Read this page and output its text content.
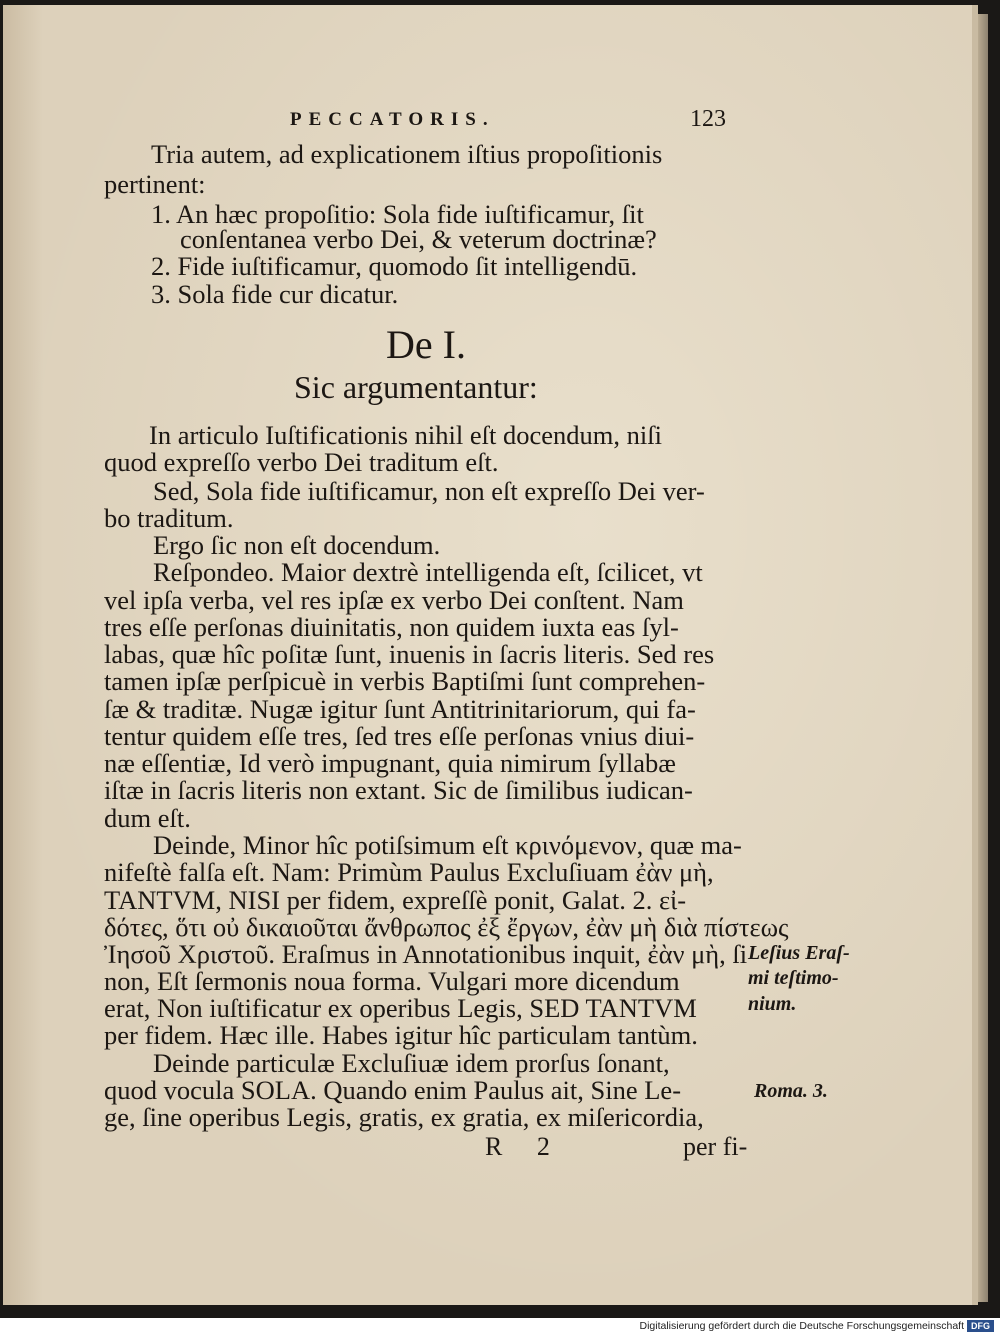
PECCATORIS.	123
Tria autem, ad explicationem iſtius propoſitionis
pertinent:
1. An hæc propoſitio: Sola fide iuſtificamur, ſit
conſentanea verbo Dei, & veterum doctrinæ?
2. Fide iuſtificamur, quomodo ſit intelligendū.
3. Sola fide cur dicatur.
De I.
Sic argumentantur:
In articulo Iuſtificationis nihil eſt docendum, niſi
quod expreſſo verbo Dei traditum eſt.
Sed, Sola fide iuſtificamur, non eſt expreſſo Dei ver-
bo traditum.
Ergo ſic non eſt docendum.
Reſpondeo. Maior dextrè intelligenda eſt, ſcilicet, vt
vel ipſa verba, vel res ipſæ ex verbo Dei conſtent. Nam
tres eſſe perſonas diuinitatis, non quidem iuxta eas ſyl-
labas, quæ hîc poſitæ ſunt, inuenis in ſacris literis. Sed res
tamen ipſæ perſpicuè in verbis Baptiſmi ſunt comprehen-
ſæ & traditæ. Nugæ igitur ſunt Antitrinitariorum, qui fa-
tentur quidem eſſe tres, ſed tres eſſe perſonas vnius diui-
næ eſſentiæ, Id verò impugnant, quia nimirum ſyllabæ
iſtæ in ſacris literis non extant. Sic de ſimilibus iudican-
dum eſt.
Deinde, Minor hîc potiſsimum eſt κρινόμενον, quæ ma-
nifeſtè falſa eſt. Nam: Primùm Paulus Excluſiuam ἐὰν μὴ,
TANTVM, NISI per fidem, expreſſè ponit, Galat. 2. εἰ-
δότες, ὅτι οὐ δικαιοῦται ἄνθρωπος ἐξ ἔργων, ἐὰν μὴ διὰ πίστεως
Ἰησοῦ Χριστοῦ. Eraſmus in Annotationibus inquit, ἐὰν μὴ, ſi
non, Eſt ſermonis noua forma. Vulgari more dicendum
erat, Non iuſtificatur ex operibus Legis, SED TANTVM
per fidem. Hæc ille. Habes igitur hîc particulam tantùm.
Deinde particulæ Excluſiuæ idem prorſus ſonant,
quod vocula SOLA. Quando enim Paulus ait, Sine Le-
ge, ſine operibus Legis, gratis, ex gratia, ex miſericordia,
Leſius Eraſ-
mi teſtimo-
nium.
Roma. 3.
R 2	per fi-
Digitalisierung gefördert durch die Deutsche Forschungsgemeinschaft DFG
